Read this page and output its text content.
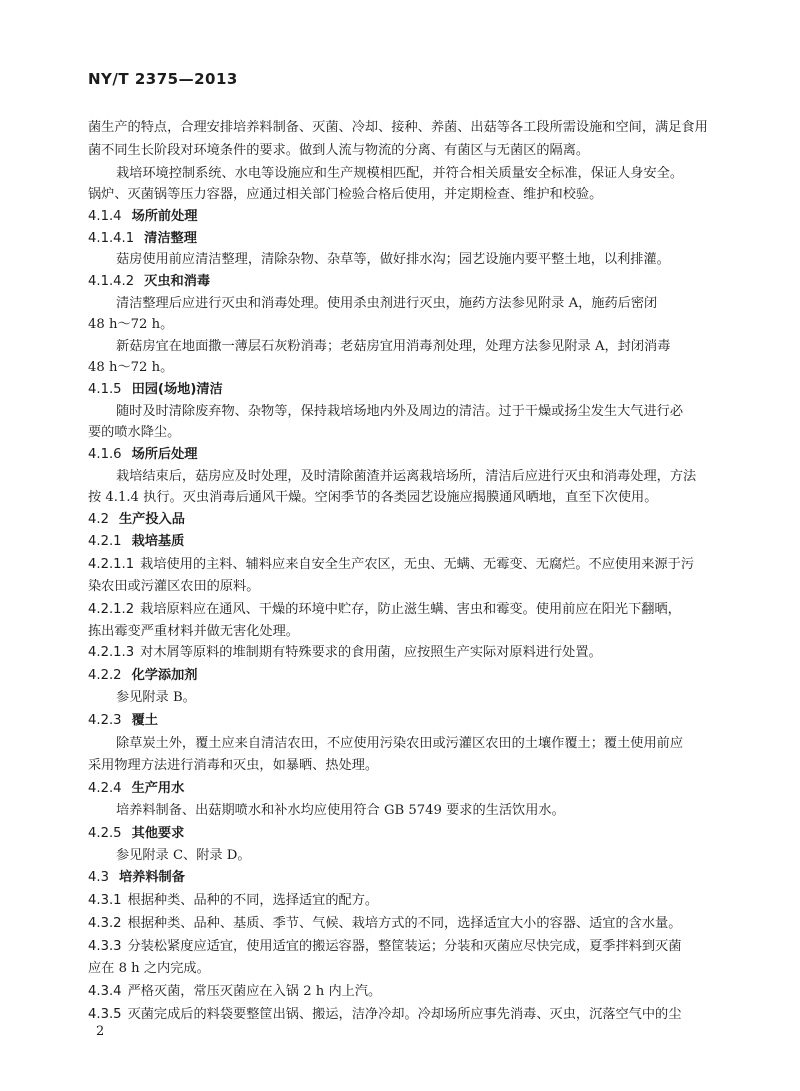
NY/T 2375—2013
菌生产的特点，合理安排培养料制备、灭菌、冷却、接种、养菌、出菇等各工段所需设施和空间，满足食用
菌不同生长阶段对环境条件的要求。做到人流与物流的分离、有菌区与无菌区的隔离。
栽培环境控制系统、水电等设施应和生产规模相匹配，并符合相关质量安全标准，保证人身安全。
锅炉、灭菌锅等压力容器，应通过相关部门检验合格后使用，并定期检查、维护和校验。
4.1.4 场所前处理
4.1.4.1 清洁整理
菇房使用前应清洁整理，清除杂物、杂草等，做好排水沟；园艺设施内要平整土地，以利排灌。
4.1.4.2 灭虫和消毒
清洁整理后应进行灭虫和消毒处理。使用杀虫剂进行灭虫，施药方法参见附录 A，施药后密闭
48 h～72 h。
新菇房宜在地面撒一薄层石灰粉消毒；老菇房宜用消毒剂处理，处理方法参见附录 A，封闭消毒
48 h～72 h。
4.1.5 田园(场地)清洁
随时及时清除废弃物、杂物等，保持栽培场地内外及周边的清洁。过于干燥或扬尘发生大气进行必
要的喷水降尘。
4.1.6 场所后处理
栽培结束后，菇房应及时处理，及时清除菌渣并运离栽培场所，清洁后应进行灭虫和消毒处理，方法
按 4.1.4 执行。灭虫消毒后通风干燥。空闲季节的各类园艺设施应揭膜通风晒地，直至下次使用。
4.2 生产投入品
4.2.1 栽培基质
4.2.1.1 栽培使用的主料、辅料应来自安全生产农区，无虫、无螨、无霉变、无腐烂。不应使用来源于污
染农田或污灌区农田的原料。
4.2.1.2 栽培原料应在通风、干燥的环境中贮存，防止滋生螨、害虫和霉变。使用前应在阳光下翻晒，
拣出霉变严重材料并做无害化处理。
4.2.1.3 对木屑等原料的堆制期有特殊要求的食用菌，应按照生产实际对原料进行处置。
4.2.2 化学添加剂
参见附录 B。
4.2.3 覆土
除草炭土外，覆土应来自清洁农田，不应使用污染农田或污灌区农田的土壤作覆土；覆土使用前应
采用物理方法进行消毒和灭虫，如暴晒、热处理。
4.2.4 生产用水
培养料制备、出菇期喷水和补水均应使用符合 GB 5749 要求的生活饮用水。
4.2.5 其他要求
参见附录 C、附录 D。
4.3 培养料制备
4.3.1 根据种类、品种的不同，选择适宜的配方。
4.3.2 根据种类、品种、基质、季节、气候、栽培方式的不同，选择适宜大小的容器、适宜的含水量。
4.3.3 分装松紧度应适宜，使用适宜的搬运容器，整筐装运；分装和灭菌应尽快完成，夏季拌料到灭菌
应在 8 h 之内完成。
4.3.4 严格灭菌，常压灭菌应在入锅 2 h 内上汽。
4.3.5 灭菌完成后的料袋要整筐出锅、搬运，洁净冷却。冷却场所应事先消毒、灭虫，沉落空气中的尘
2
